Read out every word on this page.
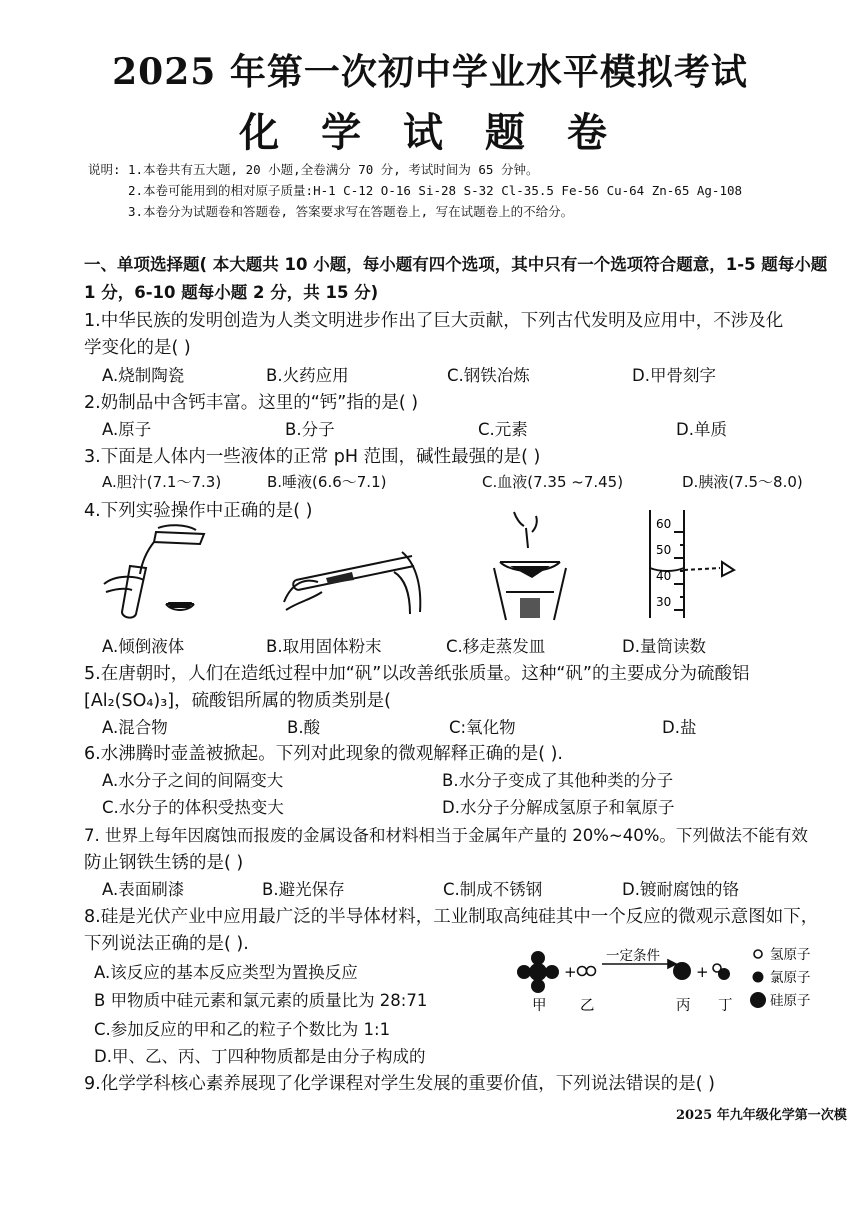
2025 年第一次初中学业水平模拟考试
化 学 试 题 卷
说明: 1.本卷共有五大题, 20 小题,全卷满分 70 分, 考试时间为 65 分钟。
2.本卷可能用到的相对原子质量:H-1 C-12 O-16 Si-28 S-32 Cl-35.5 Fe-56 Cu-64 Zn-65 Ag-108
3.本卷分为试题卷和答题卷, 答案要求写在答题卷上, 写在试题卷上的不给分。
一、单项选择题( 本大题共 10 小题，每小题有四个选项，其中只有一个选项符合题意，1-5 题每小题
1 分，6-10 题每小题 2 分，共 15 分)
1.中华民族的发明创造为人类文明进步作出了巨大贡献，下列古代发明及应用中，不涉及化
学变化的是( )
A.烧制陶瓷	B.火药应用	C.钢铁冶炼	D.甲骨刻字
2.奶制品中含钙丰富。这里的“钙”指的是( )
A.原子	B.分子	C.元素	D.单质
3.下面是人体内一些液体的正常 pH 范围，碱性最强的是( )
A.胆汁(7.1～7.3)	B.唾液(6.6～7.1)	C.血液(7.35 ~7.45)	D.胰液(7.5～8.0)
4.下列实验操作中正确的是( )
60
50
40
30
A.倾倒液体	B.取用固体粉末	C.移走蒸发皿	D.量筒读数
5.在唐朝时，人们在造纸过程中加“矾”以改善纸张质量。这种“矾”的主要成分为硫酸铝
[Al₂(SO₄)₃]，硫酸铝所属的物质类别是(
A.混合物	B.酸	C:氧化物	D.盐
6.水沸腾时壶盖被掀起。下列对此现象的微观解释正确的是( ).
A.水分子之间的间隔变大	B.水分子变成了其他种类的分子
C.水分子的体积受热变大	D.水分子分解成氢原子和氧原子
7. 世界上每年因腐蚀而报废的金属设备和材料相当于金属年产量的 20%~40%。下列做法不能有效
防止钢铁生锈的是( )
A.表面刷漆	B.避光保存	C.制成不锈钢	D.镀耐腐蚀的铬
8.硅是光伏产业中应用最广泛的半导体材料，工业制取高纯硅其中一个反应的微观示意图如下，
下列说法正确的是( ).
A.该反应的基本反应类型为置换反应
B 甲物质中硅元素和氯元素的质量比为 28:71
C.参加反应的甲和乙的粒子个数比为 1:1
D.甲、乙、丙、丁四种物质都是由分子构成的
+
一定条件
+
甲 乙	丙 丁
氢原子
氯原子
硅原子
9.化学学科核心素养展现了化学课程对学生发展的重要价值，下列说法错误的是( )
2025 年九年级化学第一次模
